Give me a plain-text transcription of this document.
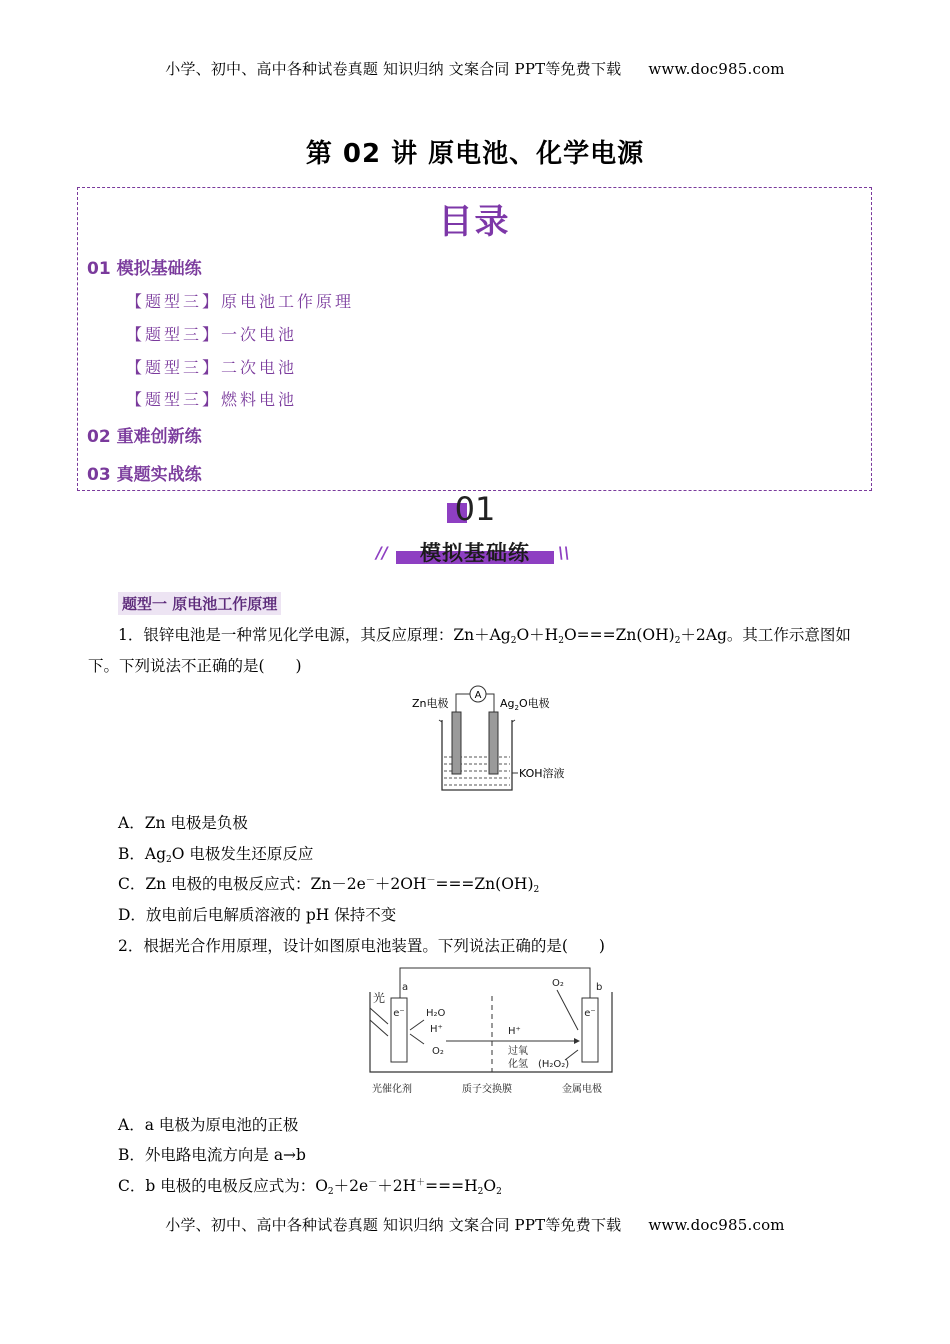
小学、初中、高中各种试卷真题 知识归纳 文案合同 PPT等免费下载 www.doc985.com
第 02 讲 原电池、化学电源
目录
01 模拟基础练
【题型三】原电池工作原理
【题型三】一次电池
【题型三】二次电池
【题型三】燃料电池
02 重难创新练
03 真题实战练
01
//	\\
模拟基础练
题型一 原电池工作原理
1．银锌电池是一种常见化学电源，其反应原理：$Zn+Ag_2O+H_2O===Zn(OH)_2+2Ag$。其工作示意图如
下。下列说法不正确的是(　　)
A
Zn电极	$Ag_2O$电极
KOH溶液
A．Zn 电极是负极
B．$Ag_2O$ 电极发生还原反应
C．Zn 电极的电极反应式：$Zn-2e^-+2OH^-===Zn(OH)_2$
D．放电前后电解质溶液的 pH 保持不变
2．根据光合作用原理，设计如图原电池装置。下列说法正确的是(　　)
e⁻	e⁻
a	b
光
H₂O
H⁺
O₂
H⁺
O₂
过氧
化氢 (H₂O₂)
光催化剂	质子交换膜	金属电极
A．a 电极为原电池的正极
B．外电路电流方向是 a→b
C．b 电极的电极反应式为：$O_2+2e^-+2H^+===H_2O_2$
小学、初中、高中各种试卷真题 知识归纳 文案合同 PPT等免费下载 www.doc985.com
